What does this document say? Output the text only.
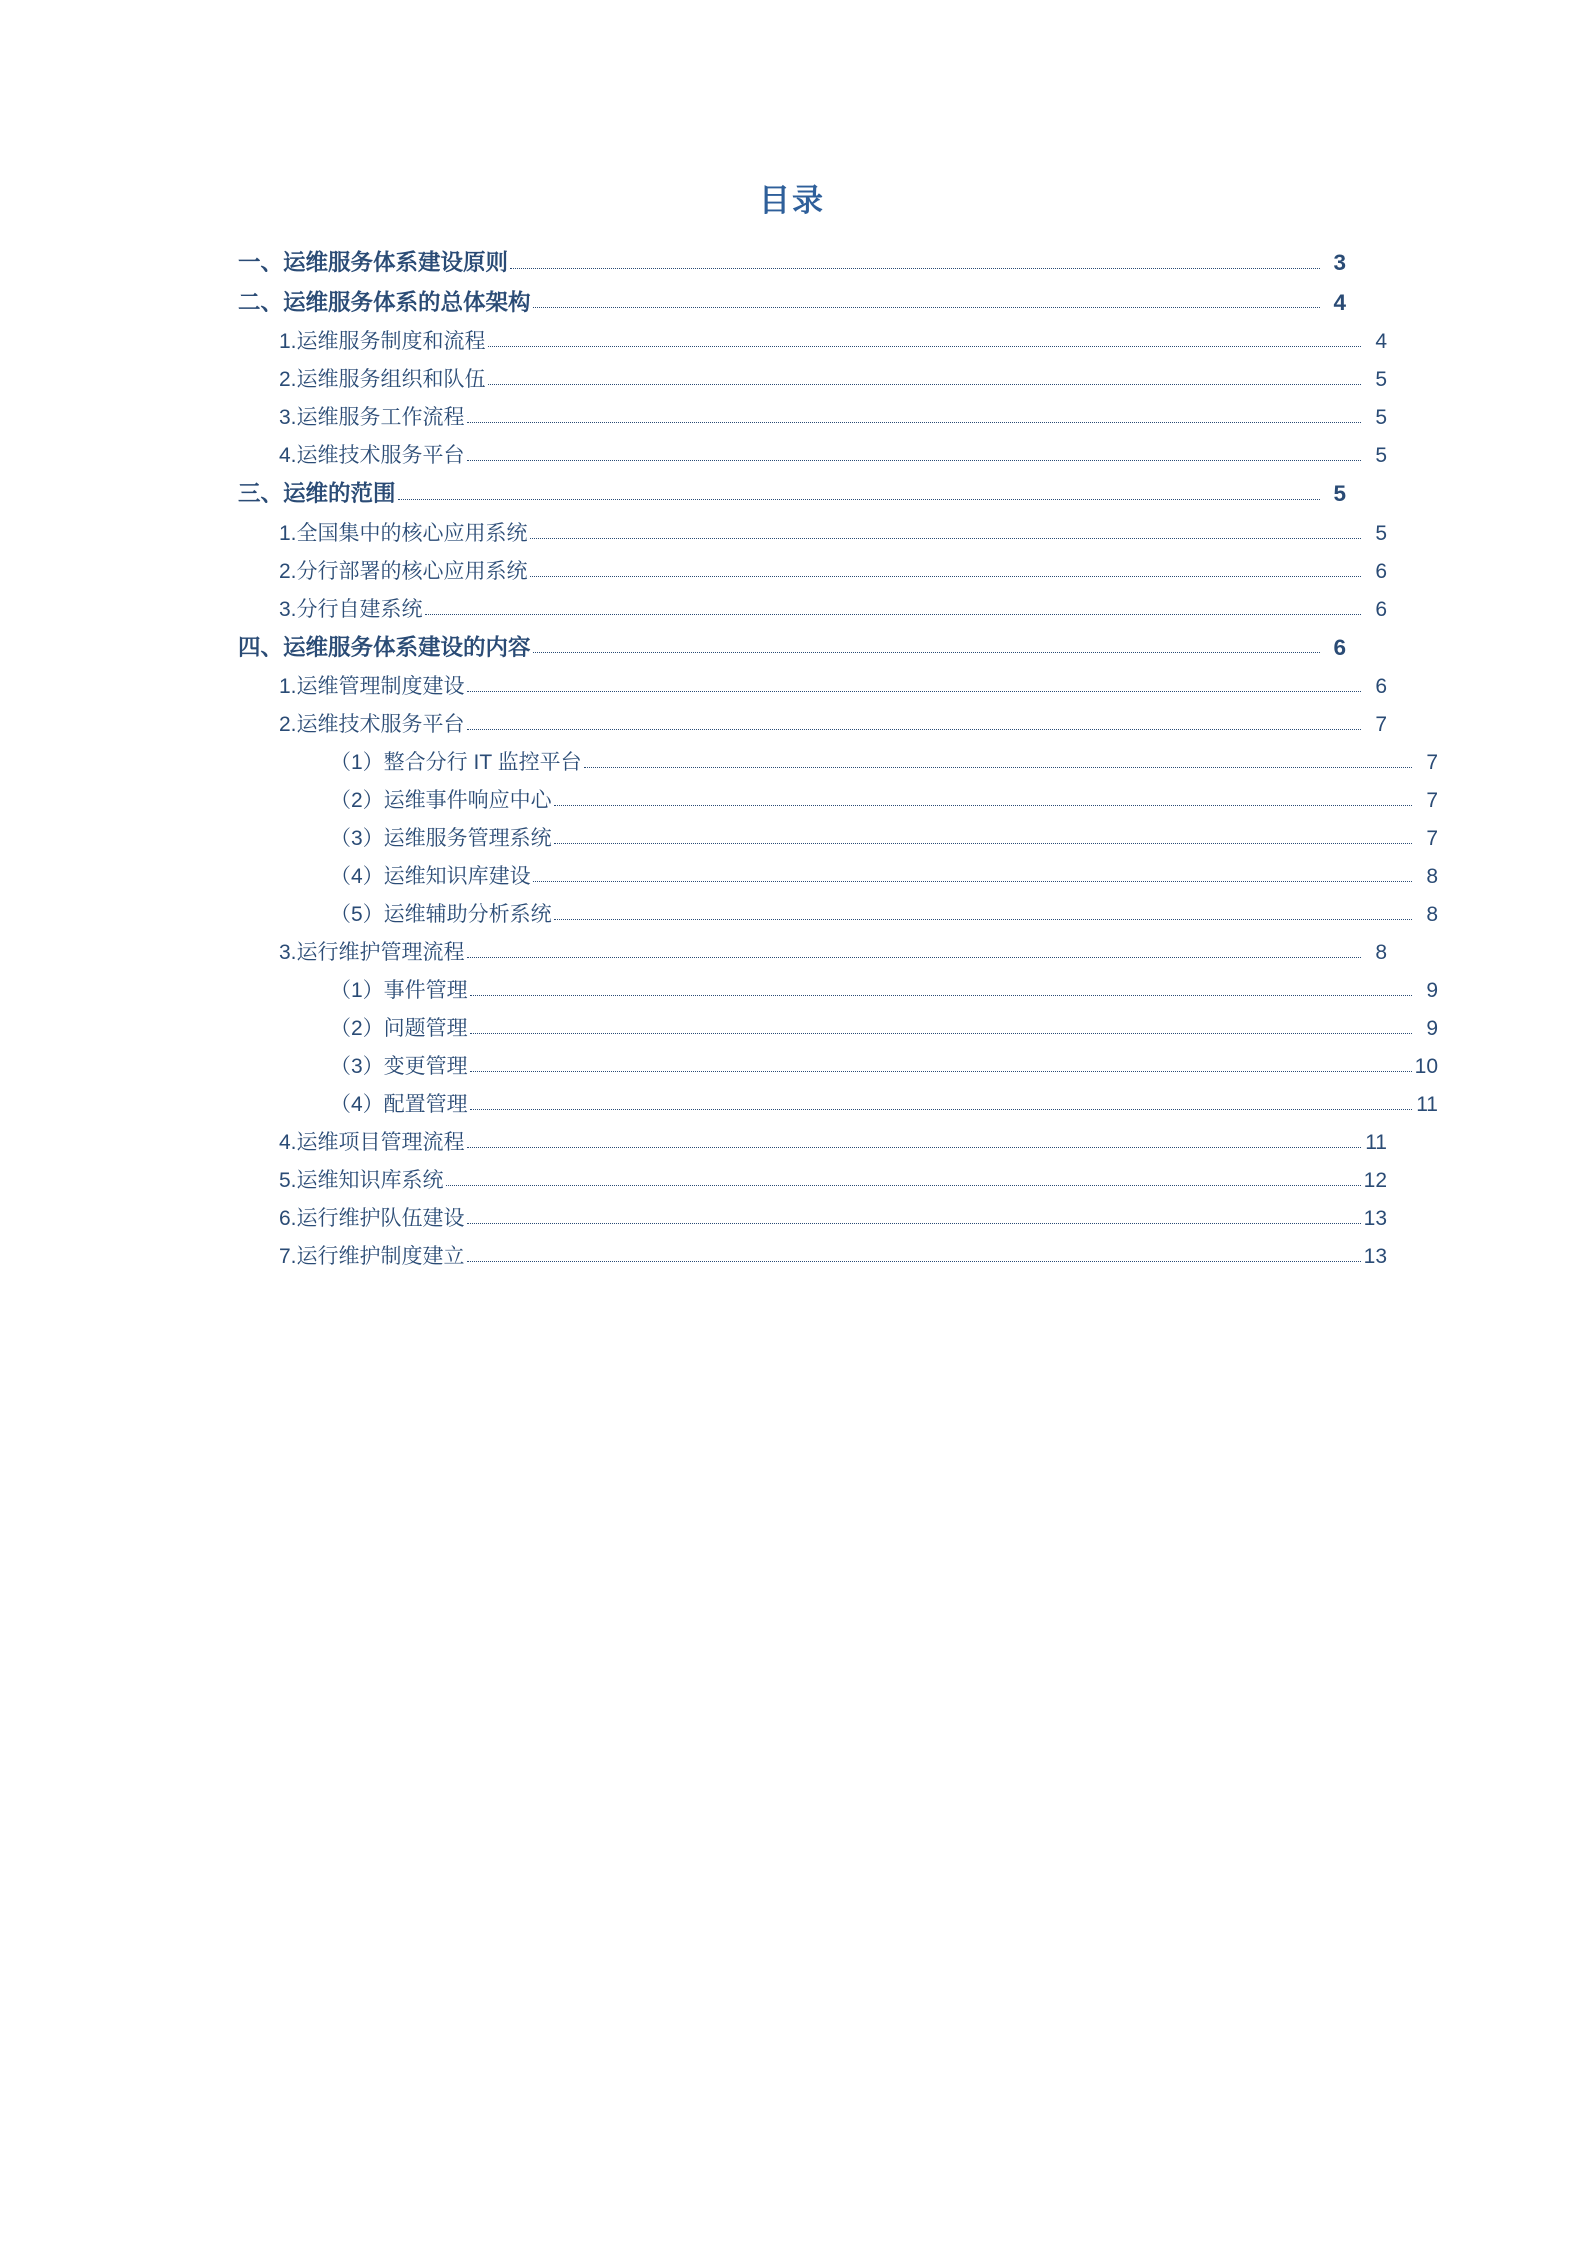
目录
一、运维服务体系建设原则	3
二、运维服务体系的总体架构	4
1.运维服务制度和流程	4
2.运维服务组织和队伍	5
3.运维服务工作流程	5
4.运维技术服务平台	5
三、运维的范围	5
1.全国集中的核心应用系统	5
2.分行部署的核心应用系统	6
3.分行自建系统	6
四、运维服务体系建设的内容	6
1.运维管理制度建设	6
2.运维技术服务平台	7
（1）整合分行 IT 监控平台	7
（2）运维事件响应中心	7
（3）运维服务管理系统	7
（4）运维知识库建设	8
（5）运维辅助分析系统	8
3.运行维护管理流程	8
（1）事件管理	9
（2）问题管理	9
（3）变更管理	10
（4）配置管理	11
4.运维项目管理流程	11
5.运维知识库系统	12
6.运行维护队伍建设	13
7.运行维护制度建立	13
